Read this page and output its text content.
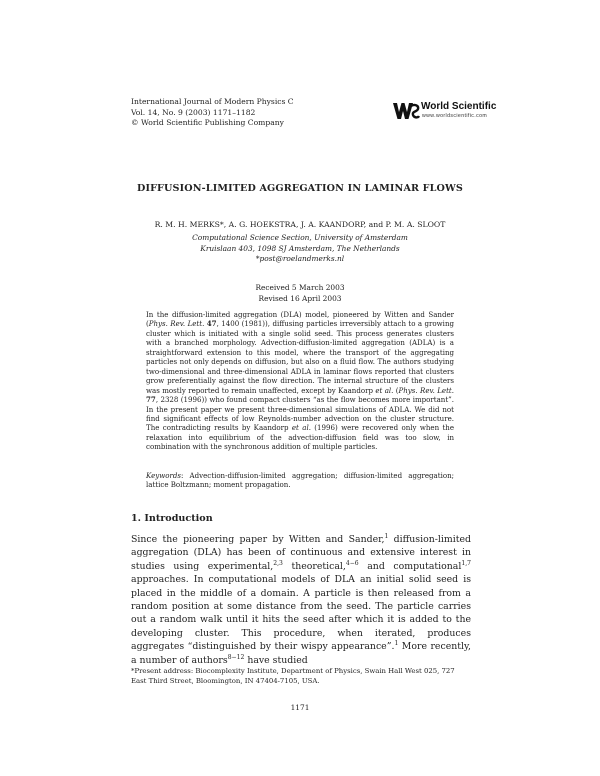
International Journal of Modern Physics C
Vol. 14, No. 9 (2003) 1171–1182
© World Scientific Publishing Company
World Scientific
www.worldscientific.com
DIFFUSION-LIMITED AGGREGATION IN LAMINAR FLOWS
R. M. H. MERKS*, A. G. HOEKSTRA, J. A. KAANDORP, and P. M. A. SLOOT
Computational Science Section, University of Amsterdam
Kruislaan 403, 1098 SJ Amsterdam, The Netherlands
*post@roelandmerks.nl
Received 5 March 2003
Revised 16 April 2003

In the diffusion-limited aggregation (DLA) model, pioneered by Witten and Sander (Phys. Rev. Lett. 47, 1400 (1981)), diffusing particles irreversibly attach to a growing cluster which is initiated with a single solid seed. This process generates clusters with a branched morphology. Advection-diffusion-limited aggregation (ADLA) is a straightforward extension to this model, where the transport of the aggregating particles not only depends on diffusion, but also on a fluid flow. The authors studying two-dimensional and three-dimensional ADLA in laminar flows reported that clusters grow preferentially against the flow direction. The internal structure of the clusters was mostly reported to remain unaffected, except by Kaandorp et al. (Phys. Rev. Lett. 77, 2328 (1996)) who found compact clusters “as the flow becomes more important”. In the present paper we present three-dimensional simulations of ADLA. We did not find significant effects of low Reynolds-number advection on the cluster structure. The contradicting results by Kaandorp et al. (1996) were recovered only when the relaxation into equilibrium of the advection-diffusion field was too slow, in combination with the synchronous addition of multiple particles.

Keywords: Advection-diffusion-limited aggregation; diffusion-limited aggregation; lattice Boltzmann; moment propagation.
1. Introduction

Since the pioneering paper by Witten and Sander,$^1$ diffusion-limited aggregation (DLA) has been of continuous and extensive interest in studies using experimental,$^{2,3}$ theoretical,$^{4-6}$ and computational$^{1,7}$ approaches. In computational models of DLA an initial solid seed is placed in the middle of a domain. A particle is then released from a random position at some distance from the seed. The particle carries out a random walk until it hits the seed after which it is added to the developing cluster. This procedure, when iterated, produces aggregates “distinguished by their wispy appearance”.$^1$ More recently, a number of authors$^{8-12}$ have studied

*Present address: Biocomplexity Institute, Department of Physics, Swain Hall West 025, 727 East Third Street, Bloomington, IN 47404-7105, USA.
1171
